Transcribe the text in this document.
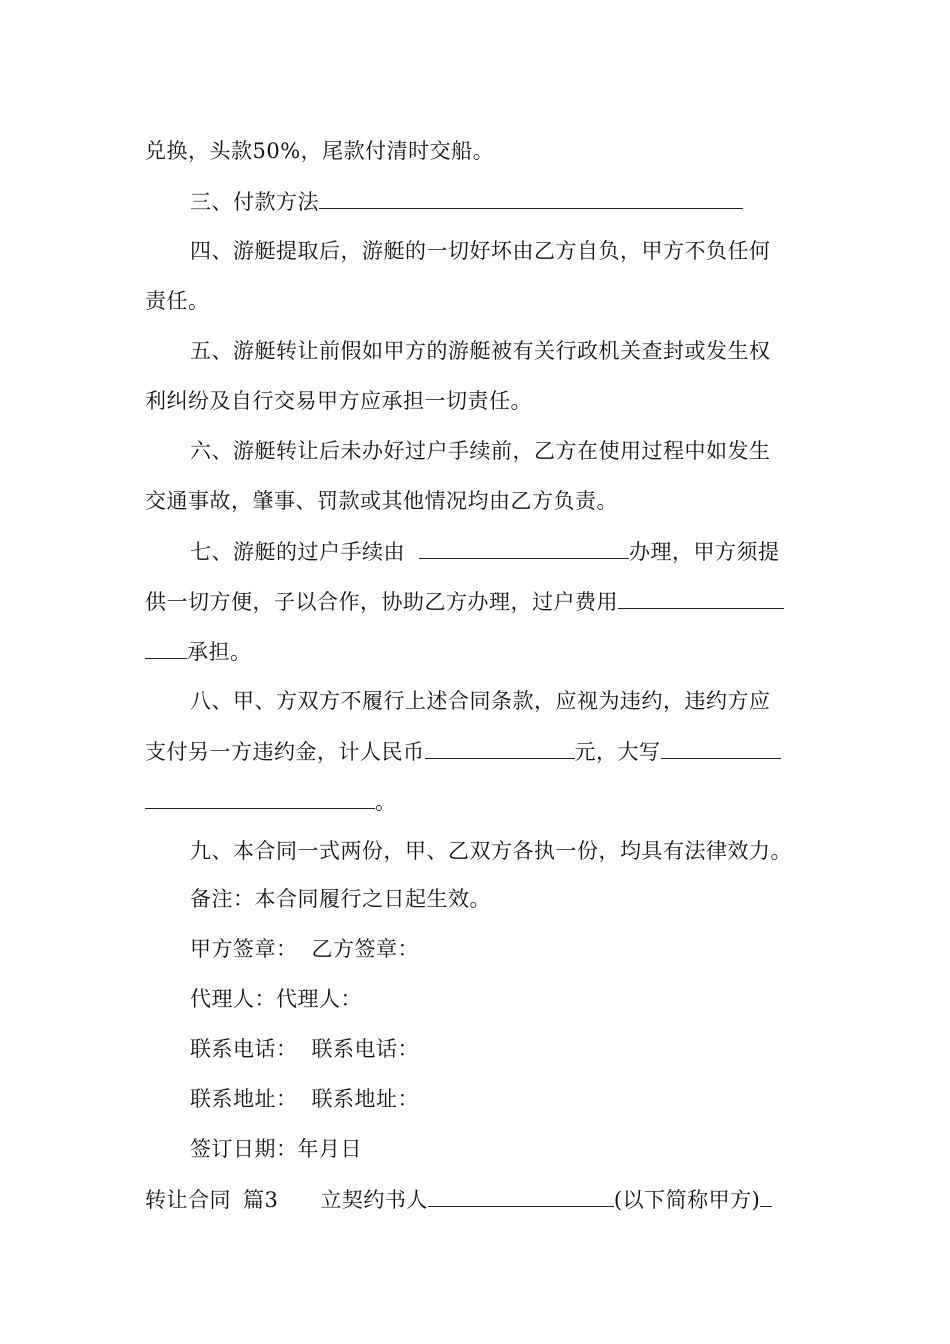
兑换，头款50%，尾款付清时交船。
三、付款方法
四、游艇提取后，游艇的一切好坏由乙方自负，甲方不负任何
责任。
五、游艇转让前假如甲方的游艇被有关行政机关查封或发生权
利纠纷及自行交易甲方应承担一切责任。
六、游艇转让后未办好过户手续前，乙方在使用过程中如发生
交通事故，肇事、罚款或其他情况均由乙方负责。
七、游艇的过户手续由	办理，甲方须提
供一切方便，子以合作，协助乙方办理，过户费用
承担。
八、甲、方双方不履行上述合同条款，应视为违约，违约方应
支付另一方违约金，计人民币	元，大写
。
九、本合同一式两份，甲、乙双方各执一份，均具有法律效力。
备注：本合同履行之日起生效。
甲方签章： 乙方签章：
代理人：代理人：
联系电话： 联系电话：
联系地址： 联系地址：
签订日期：年月日
转让合同 篇3 立契约书人	(以下简称甲方)
